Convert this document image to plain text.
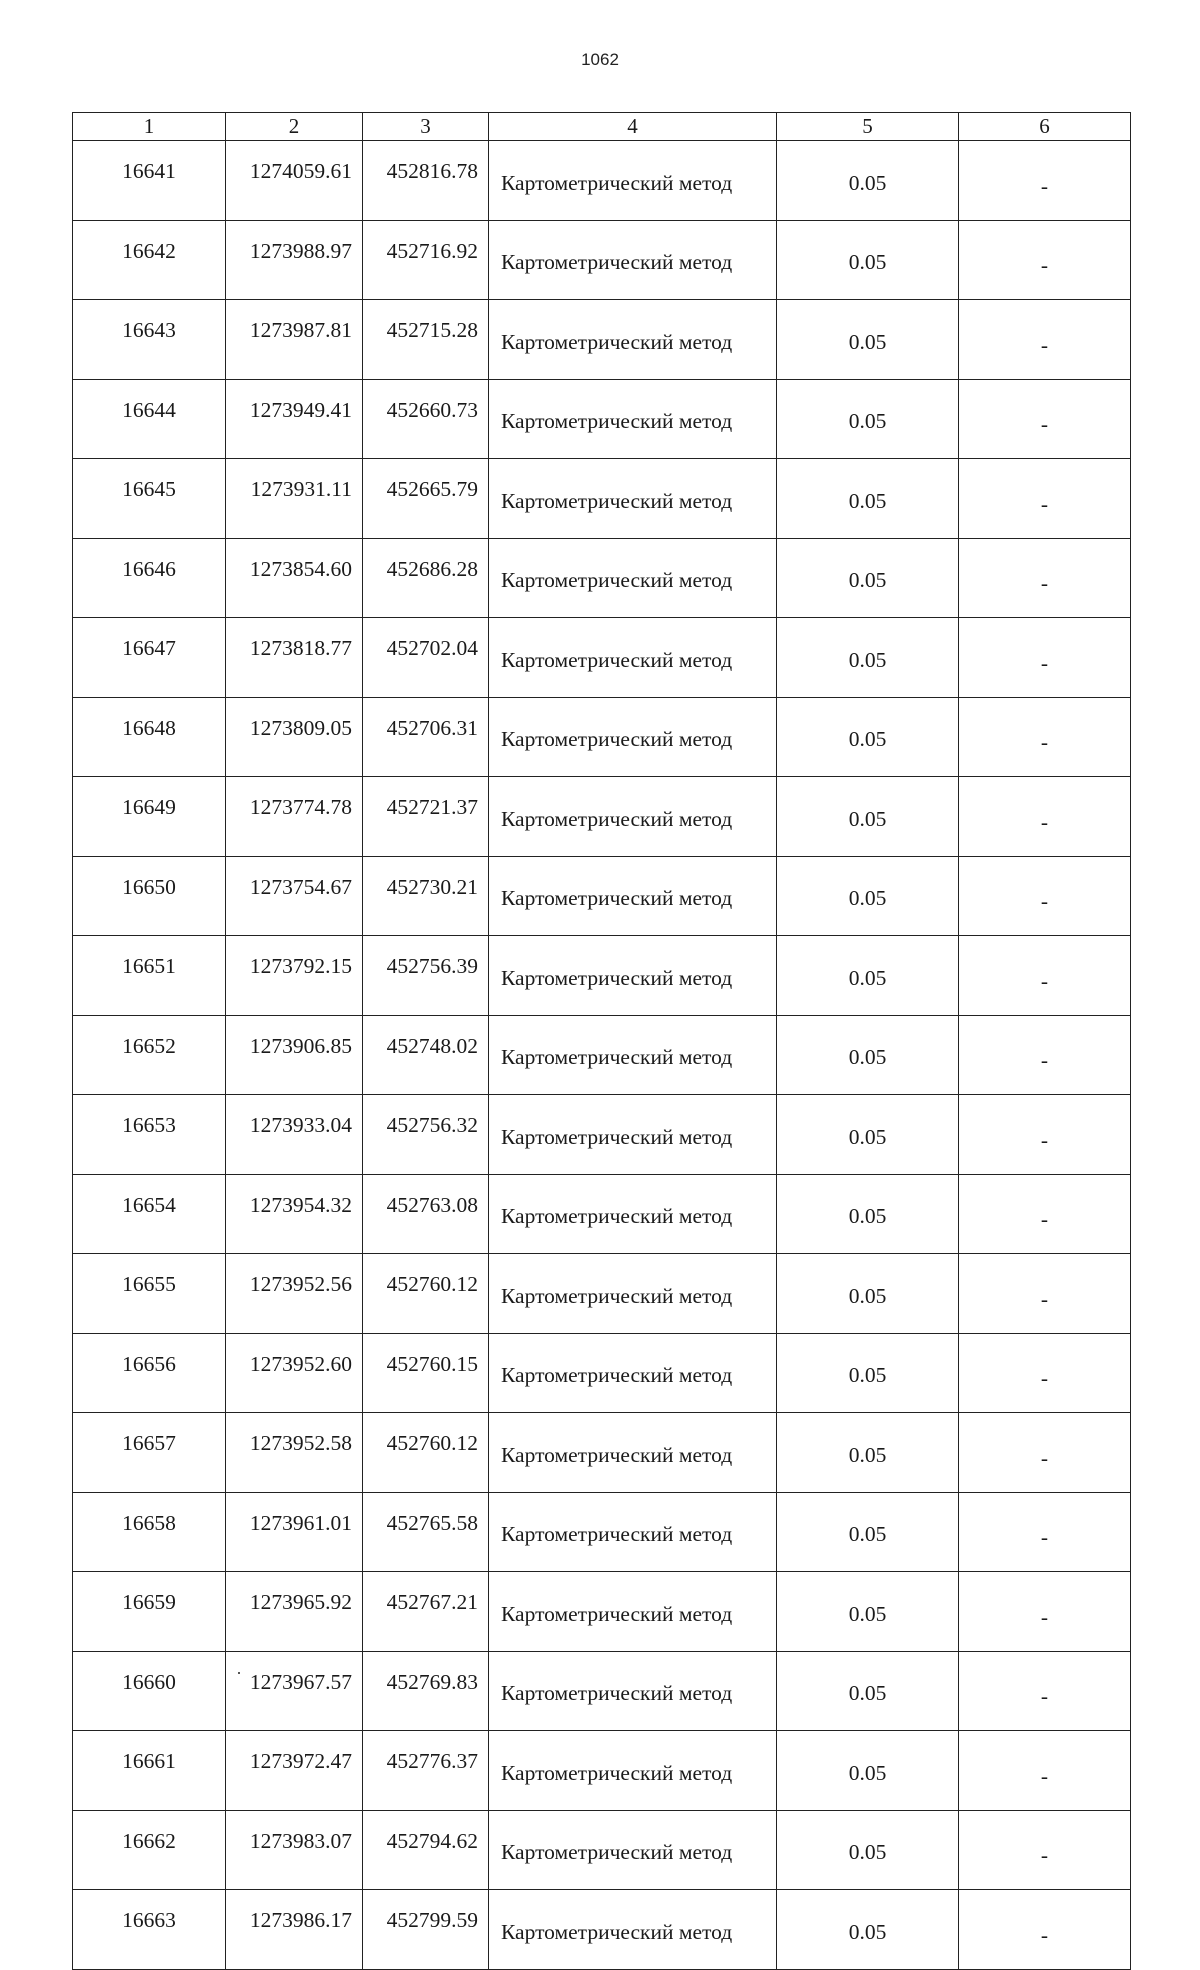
1062
1	2	3	4	5	6
16641	1274059.61	452816.78	Картометрический метод	0.05	-
16642	1273988.97	452716.92	Картометрический метод	0.05	-
16643	1273987.81	452715.28	Картометрический метод	0.05	-
16644	1273949.41	452660.73	Картометрический метод	0.05	-
16645	1273931.11	452665.79	Картометрический метод	0.05	-
16646	1273854.60	452686.28	Картометрический метод	0.05	-
16647	1273818.77	452702.04	Картометрический метод	0.05	-
16648	1273809.05	452706.31	Картометрический метод	0.05	-
16649	1273774.78	452721.37	Картометрический метод	0.05	-
16650	1273754.67	452730.21	Картометрический метод	0.05	-
16651	1273792.15	452756.39	Картометрический метод	0.05	-
16652	1273906.85	452748.02	Картометрический метод	0.05	-
16653	1273933.04	452756.32	Картометрический метод	0.05	-
16654	1273954.32	452763.08	Картометрический метод	0.05	-
16655	1273952.56	452760.12	Картометрический метод	0.05	-
16656	1273952.60	452760.15	Картометрический метод	0.05	-
16657	1273952.58	452760.12	Картометрический метод	0.05	-
16658	1273961.01	452765.58	Картометрический метод	0.05	-
16659	1273965.92	452767.21	Картометрический метод	0.05	-
16660	1273967.57	452769.83	Картометрический метод	0.05	-
16661	1273972.47	452776.37	Картометрический метод	0.05	-
16662	1273983.07	452794.62	Картометрический метод	0.05	-
16663	1273986.17	452799.59	Картометрический метод	0.05	-
